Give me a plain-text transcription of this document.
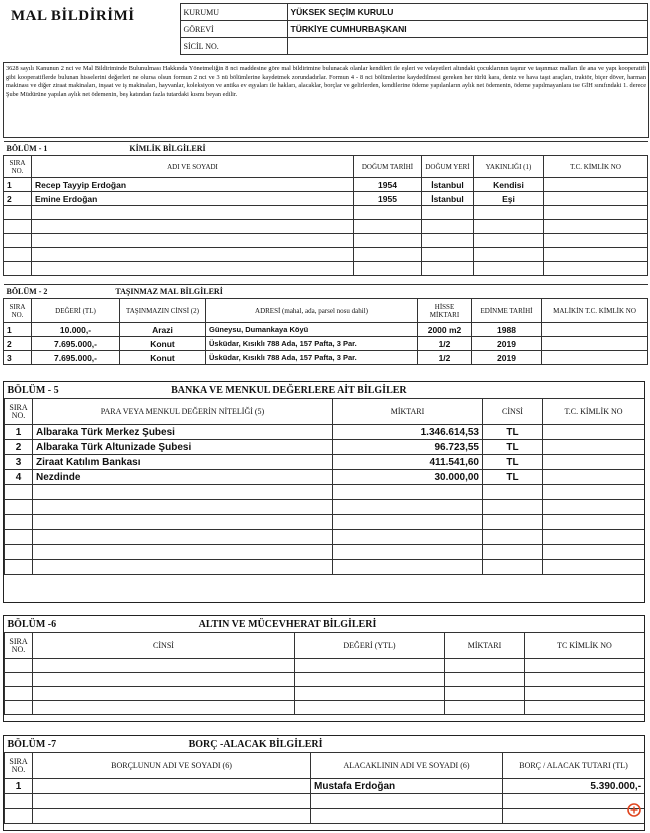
MAL BİLDİRİMİ	KURUMU	YÜKSEK SEÇİM KURULU
	GÖREVİ	TÜRKİYE CUMHURBAŞKANI
	SİCİL NO.	
3628 sayılı Kanunun 2 nci ve Mal Bildiriminde Bulunulması Hakkında Yönetmeliğin 8 nci maddesine göre mal bildirimine bulunacak olanlar kendileri ile eşleri ve velayetleri altındaki çocuklarının taşınır ve taşınmaz malları ile ana ve yapı kooperatifi gibi kooperatiflerde bulunan hisselerini değerleri ne olursa olsun formun 2 nci ve 3 nü bölümlerine kaydetmek zorundadırlar. Formun 4 - 8 nci bölümlerine kaydedilmesi gereken her türlü kara, deniz ve hava taşıt araçları, traktör, biçer döver, harman makinası ve diğer ziraat makinaları, inşaat ve iş makinaları, hayvanlar, koleksiyon ve antika ev eşyaları ile hakları, alacaklar, borçlar ve gelirlerden, kendilerine ödeme yapılanların aylık net ödemenin, ödeme yapılmayanlara ise GİH sınıfındaki 1. derece Şube Müdürüne yapılan aylık net ödemenin, beş katından fazla tutardaki kısmı beyan edilir.
BÖLÜM - 1 KİMLİK BİLGİLERİ					
SIRA NO.	ADI VE SOYADI	DOĞUM TARİHİ	DOĞUM YERİ	YAKINLIĞI (1)	T.C. KİMLİK NO
1	Recep Tayyip Erdoğan	1954	İstanbul	Kendisi	
2	Emine Erdoğan	1955	İstanbul	Eşi	

BÖLÜM - 2 TAŞINMAZ MAL BİLGİLERİ						
SIRA NO.	DEĞERİ (TL)	TAŞINMAZIN CİNSİ (2)	ADRESİ (mahal, ada, parsel nosu dahil)	HİSSE MİKTARI	EDİNME TARİHİ	MALİKİN T.C. KİMLİK NO
1	10.000,-	Arazi	Güneysu, Dumankaya Köyü	2000 m2	1988	
2	7.695.000,-	Konut	Üsküdar, Kısıklı 788 Ada, 157 Pafta, 3 Par.	1/2	2019	
3	7.695.000,-	Konut	Üsküdar, Kısıklı 788 Ada, 157 Pafta, 3 Par.	1/2	2019	
BÖLÜM - 5 BANKA VE MENKUL DEĞERLERE AİT BİLGİLER				
SIRA NO.	PARA VEYA MENKUL DEĞERİN NİTELİĞİ (5)	MİKTARI	CİNSİ	T.C. KİMLİK NO
1	Albaraka Türk Merkez Şubesi	1.346.614,53	TL	
2	Albaraka Türk Altunizade Şubesi	96.723,55	TL	
3	Ziraat Katılım Bankası	411.541,60	TL	
4	Nezdinde	30.000,00	TL	

BÖLÜM -6 ALTIN VE MÜCEVHERAT BİLGİLERİ				
SIRA NO.	CİNSİ	DEĞERİ (YTL)	MİKTARI	TC KİMLİK NO

BÖLÜM -7 BORÇ -ALACAK BİLGİLERİ			
SIRA NO.	BORÇLUNUN ADI VE SOYADI (6)	ALACAKLININ ADI VE SOYADI (6)	BORÇ / ALACAK TUTARI (TL)
1		Mustafa Erdoğan	5.390.000,-
